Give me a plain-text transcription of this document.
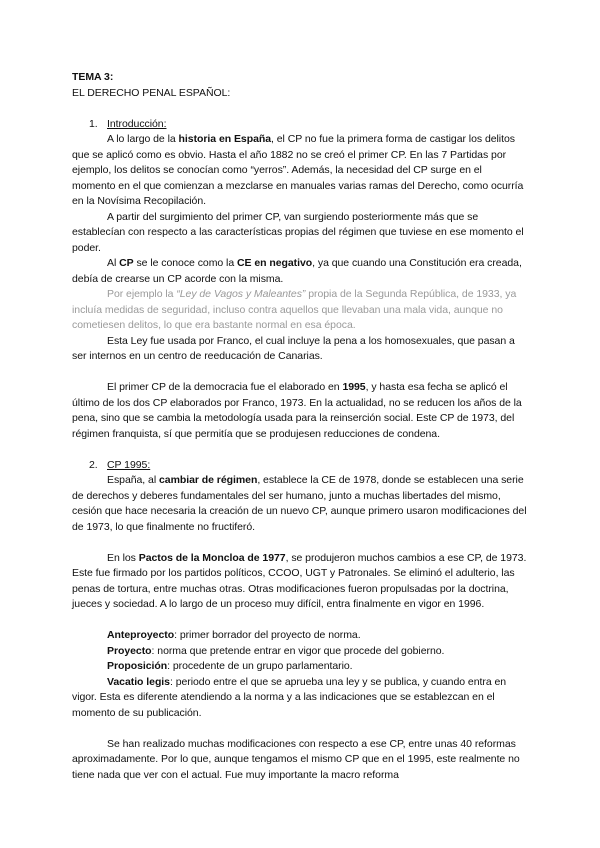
TEMA 3:

EL DERECHO PENAL ESPAÑOL:

1. Introducción:

A lo largo de la historia en España, el CP no fue la primera forma de castigar los delitos que se aplicó como es obvio. Hasta el año 1882 no se creó el primer CP. En las 7 Partidas por ejemplo, los delitos se conocían como “yerros”. Además, la necesidad del CP surge en el momento en el que comienzan a mezclarse en manuales varias ramas del Derecho, como ocurría en la Novísima Recopilación.

A partir del surgimiento del primer CP, van surgiendo posteriormente más que se establecían con respecto a las características propias del régimen que tuviese en ese momento el poder.

Al CP se le conoce como la CE en negativo, ya que cuando una Constitución era creada, debía de crearse un CP acorde con la misma.

Por ejemplo la “Ley de Vagos y Maleantes” propia de la Segunda República, de 1933, ya incluía medidas de seguridad, incluso contra aquellos que llevaban una mala vida, aunque no cometiesen delitos, lo que era bastante normal en esa época.

Esta Ley fue usada por Franco, el cual incluye la pena a los homosexuales, que pasan a ser internos en un centro de reeducación de Canarias.

El primer CP de la democracia fue el elaborado en 1995, y hasta esa fecha se aplicó el último de los dos CP elaborados por Franco, 1973. En la actualidad, no se reducen los años de la pena, sino que se cambia la metodología usada para la reinserción social. Este CP de 1973, del régimen franquista, sí que permitía que se produjesen reducciones de condena.

2. CP 1995:

España, al cambiar de régimen, establece la CE de 1978, donde se establecen una serie de derechos y deberes fundamentales del ser humano, junto a muchas libertades del mismo, cesión que hace necesaria la creación de un nuevo CP, aunque primero usaron modificaciones del de 1973, lo que finalmente no fructiferó.

En los Pactos de la Moncloa de 1977, se produjeron muchos cambios a ese CP, de 1973. Este fue firmado por los partidos políticos, CCOO, UGT y Patronales. Se eliminó el adulterio, las penas de tortura, entre muchas otras. Otras modificaciones fueron propulsadas por la doctrina, jueces y sociedad. A lo largo de un proceso muy difícil, entra finalmente en vigor en 1996.

Anteproyecto: primer borrador del proyecto de norma.

Proyecto: norma que pretende entrar en vigor que procede del gobierno.

Proposición: procedente de un grupo parlamentario.

Vacatio legis: periodo entre el que se aprueba una ley y se publica, y cuando entra en vigor. Esta es diferente atendiendo a la norma y a las indicaciones que se establezcan en el momento de su publicación.

Se han realizado muchas modificaciones con respecto a ese CP, entre unas 40 reformas aproximadamente. Por lo que, aunque tengamos el mismo CP que en el 1995, este realmente no tiene nada que ver con el actual. Fue muy importante la macro reforma
